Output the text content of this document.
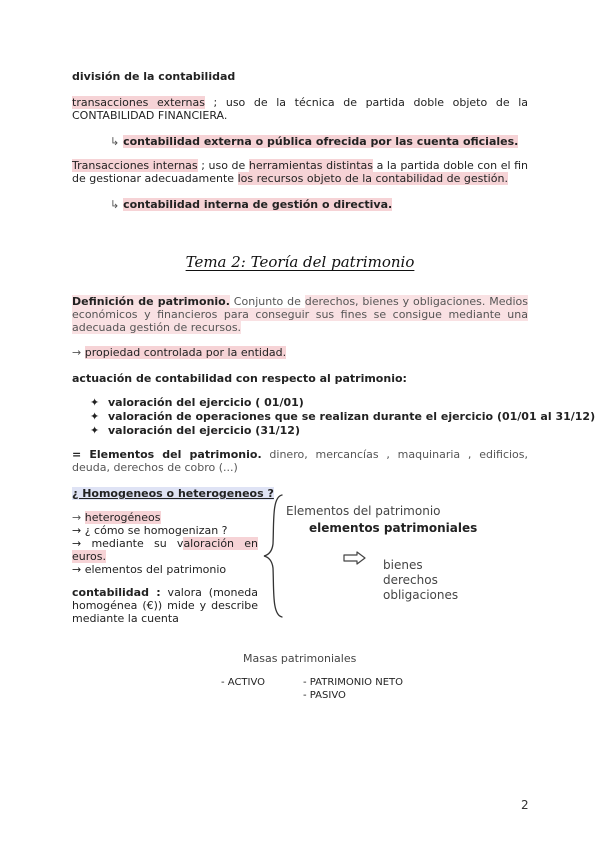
división de la contabilidad
transacciones externas ; uso de la técnica de partida doble objeto de la CONTABILIDAD FINANCIERA.
↳ contabilidad externa o pública ofrecida por las cuenta oficiales.
Transacciones internas ; uso de herramientas distintas a la partida doble con el fin de gestionar adecuadamente los recursos objeto de la contabilidad de gestión.
↳ contabilidad interna de gestión o directiva.
Tema 2: Teoría del patrimonio
Definición de patrimonio. Conjunto de derechos, bienes y obligaciones. Medios económicos y financieros para conseguir sus fines se consigue mediante una adecuada gestión de recursos.
→ propiedad controlada por la entidad.
actuación de contabilidad con respecto al patrimonio:
✦ valoración del ejercicio ( 01/01)
✦ valoración de operaciones que se realizan durante el ejercicio (01/01 al 31/12)
✦ valoración del ejercicio (31/12)
= Elementos del patrimonio. dinero, mercancías , maquinaria , edificios, deuda, derechos de cobro (...)
¿ Homogeneos o heterogeneos ?
→ heterogéneos
→ ¿ cómo se homogenizan ?
→ mediante su valoración en euros.
→ elementos del patrimonio
contabilidad : valora (moneda homogénea (€)) mide y describe mediante la cuenta
Elementos del patrimonio
elementos patrimoniales
bienes
derechos
obligaciones
Masas patrimoniales
- ACTIVO	- PATRIMONIO NETO
- PASIVO
2
